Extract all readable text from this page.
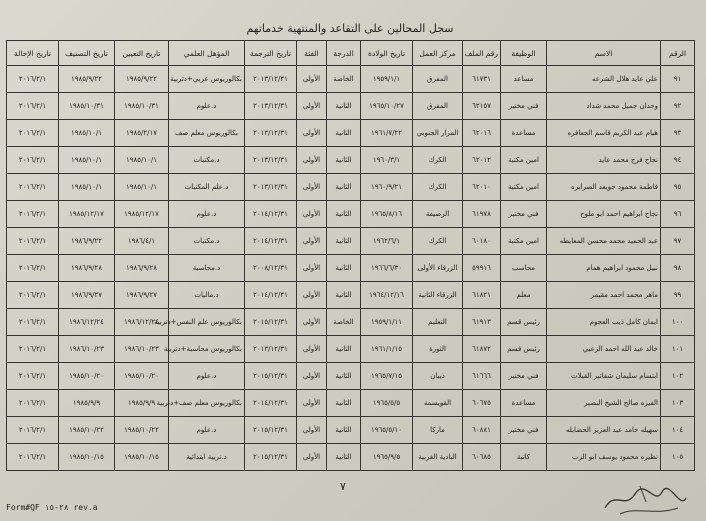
سجل المحالين على التقاعد والمنتهية خدماتهم
الرقم	الاسم	الوظيفة	رقم الملف	مركز العمل	تاريخ الولادة	الدرجة	الفئة	تاريخ الترجمة	المؤهل العلمي	تاريخ التعيين	تاريخ التصنيف	تاريخ الإحالة
٩١	علي عايد هلال الشرعه	مساعد	٦١٧٣١	المفرق	١٩٥٩/١/١	الخاصة	الأولى	٢٠١٣/١٢/٣١	بكالوريوس عربي+دتربية	١٩٨٥/٩/٢٢	١٩٨٥/٩/٢٢	٢٠١٦/٢/١
٩٢	وجدان جميل محمد شداد	فني مختبر	٦٢١٥٧	المفرق	١٩٦٥/١٠/٢٧	الثانية	الأولى	٢٠١٣/١٢/٣١	د.علوم	١٩٨٥/١٠/٣١	١٩٨٥/١٠/٣١	٢٠١٦/٢/١
٩٣	هيام عبد الكريم قاسم الجعافره	مساعدة	٦٢٠١٦	المزار الجنوبي	١٩٦١/٧/٢٢	الثانية	الأولى	٢٠١٣/١٢/٣١	بكالوريوس معلم صف	١٩٨٥/٢/١٧	١٩٨٥/١٠/١	٢٠١٦/٢/١
٩٤	نجاح فرج محمد عايد	امين مكتبة	٦٢٠١٢	الكرك	١٩٦٠/٣/١	الثانية	الأولى	٢٠١٣/١٢/٣١	د.مكتبات	١٩٨٥/١٠/١	١٩٨٥/١٠/١	٢٠١٦/٢/١
٩٥	فاطمة محمود جويعد الصرايره	امين مكتبة	٦٢٠١٠	الكرك	١٩٦٠/٩/٢١	الثانية	الأولى	٢٠١٣/١٢/٣١	د.علم المكتبات	١٩٨٥/١٠/١	١٩٨٥/١٠/١	٢٠١٦/٢/١
٩٦	نجاح ابراهيم احمد ابو ملوح	فني مختبر	٦١٩٧٨	الرصيفة	١٩٦٥/٨/١٦	الثانية	الأولى	٢٠١٤/١٢/٣١	د.علوم	١٩٨٥/١٢/١٧	١٩٨٥/١٢/١٧	٢٠١٦/٢/١
٩٧	عبد الحميد محمد محسن المعايطه	امين مكتبة	٦٠١٨٠	الكرك	١٩٦٢/٦/١	الثانية	الأولى	٢٠١٤/١٢/٣١	د.مكتبات	١٩٨٦/٤/١	١٩٨٦/٩/٢٢	٢٠١٦/٢/١
٩٨	نبيل محمود ابراهيم همام	محاسب	٥٩٩١٦	الزرقاء الأولى	١٩٦٦/٦/٣٠	الثانية	الأولى	٢٠٠٨/١٢/٣١	د.محاسبة	١٩٨٦/٩/٢٨	١٩٨٦/٩/٢٨	٢٠١٦/٢/١
٩٩	ماهر محمد احمد مقيمر	معلم	٦١٨٢١	الزرقاء الثانية	١٩٦٤/١٢/١٦	الثانية	الأولى	٢٠١٤/١٢/٣١	د.ماليات	١٩٨٦/٩/٢٧	١٩٨٦/٩/٢٧	٢٠١٦/٢/١
١٠٠	ايمان كامل ذيب العجوم	رئيس قسم	٦١٩١٣	التعليم	١٩٥٩/١/١١	الخاصة	الأولى	٢٠١٥/١٢/٣١	بكالوريوس علم النفس+دتربية	١٩٨٦/١٢/٢٤	١٩٨٦/١٢/٢٤	٢٠١٦/٢/١
١٠١	خالد عبد الله احمد الزعبي	رئيس قسم	٦١٨٧٢	الثورة	١٩٦١/١/١٥	الثانية	الأولى	٢٠١٣/١٢/٣١	بكالوريوس محاسبة+دتربية	١٩٨٦/١٠/٢٣	١٩٨٦/١٠/٢٣	٢٠١٦/٢/١
١٠٢	ابتسام سليمان شفاتير القيلات	فني مختبر	٦١٦٦٦	ذيبان	١٩٦٥/٧/١٥	الثانية	الأولى	٢٠١٥/١٢/٣١	د.علوم	١٩٨٥/١٠/٢٠	١٩٨٥/١٠/٢٠	٢٠١٦/٢/١
١٠٣	الفيزه صالح الشيخ البصير	مساعدة	٦٠٦٧٥	القويسمة	١٩٦٥/٥/٥	الثانية	الأولى	٢٠١٤/١٢/٣١	بكالوريوس معلم صف+دتربية	١٩٨٥/٩/٩	١٩٨٥/٩/٩	٢٠١٦/٢/١
١٠٤	سهيله حامد عبد العزيز الحضابله	فني مختبر	٦٠٨٨١	ماركا	١٩٦٥/٥/١٠	الثانية	الأولى	٢٠١٥/١٢/٣١	د.علوم	١٩٨٥/١٠/٢٢	١٩٨٥/١٠/٢٢	٢٠١٦/٢/١
١٠٥	نظيره محمود يوسف ابو الرب	كاتبة	٦٠٦٨٥	البادية الغربية	١٩٦٥/٩/٥	الثانية	الأولى	٢٠١٥/١٢/٣١	د.تربية ابتدائية	١٩٨٥/١٠/١٥	١٩٨٥/١٠/١٥	٢٠١٦/٢/١
٧
Form#QF ٢٨-١٥ rev.a
